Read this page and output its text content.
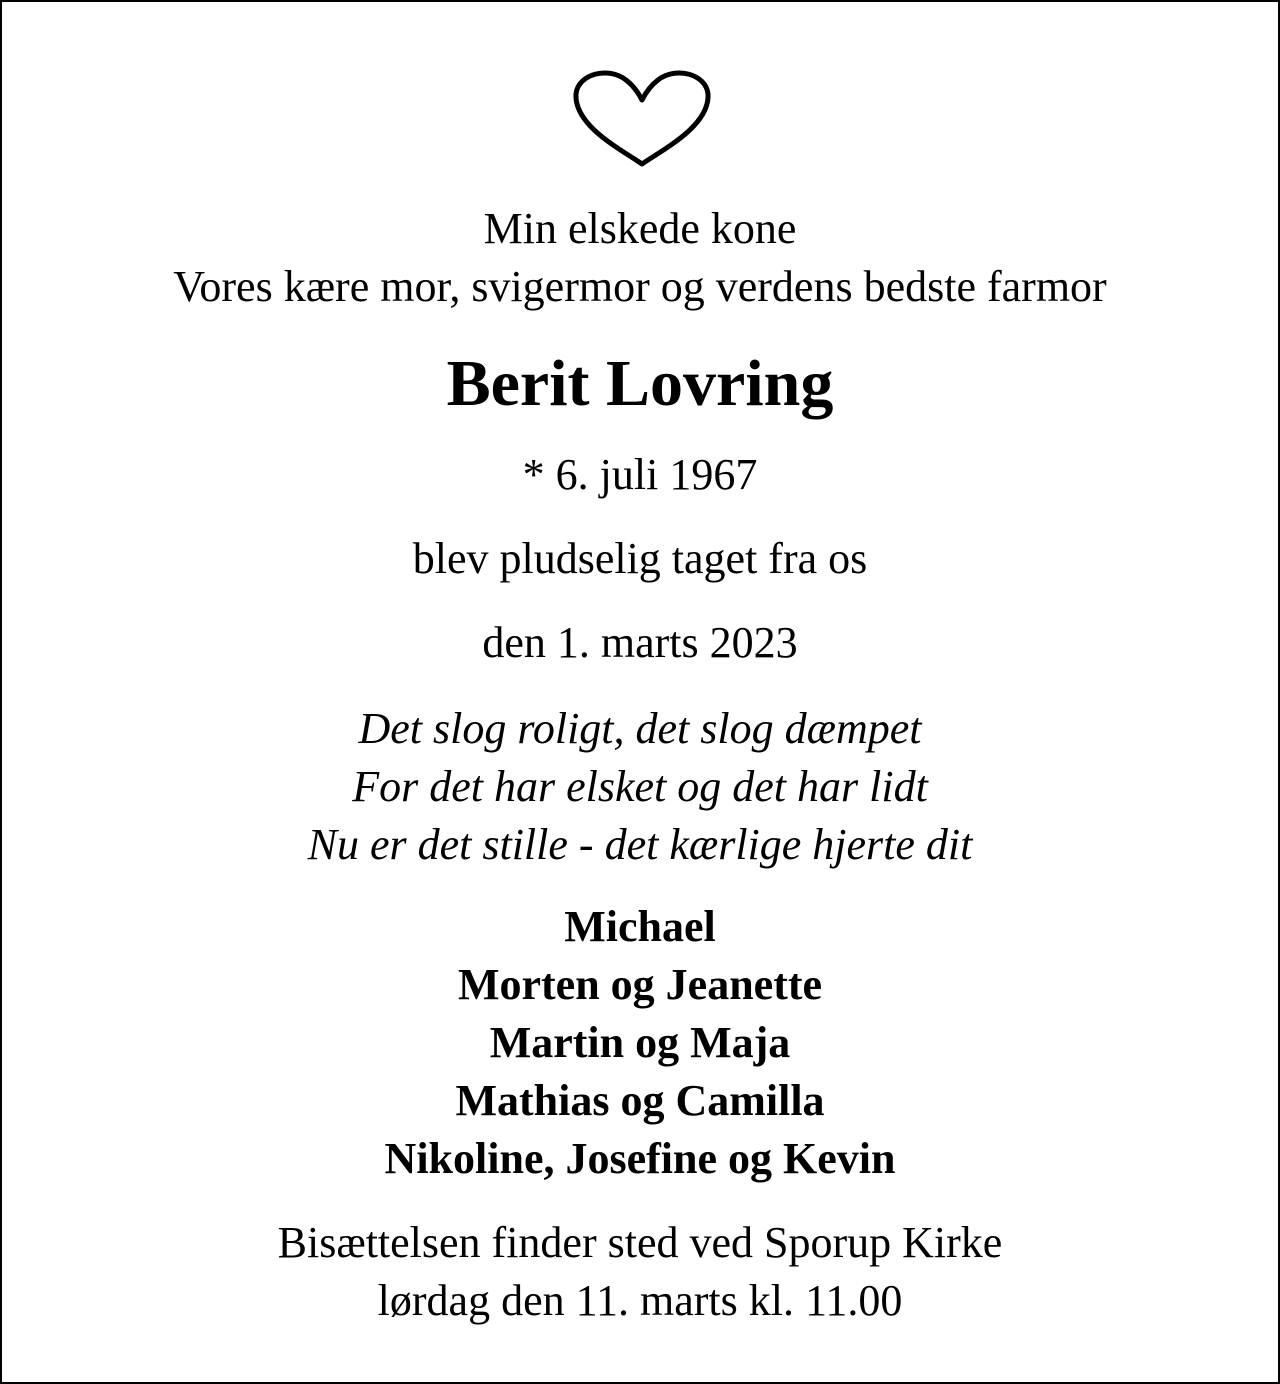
Min elskede kone
Vores kære mor, svigermor og verdens bedste farmor
Berit Lovring
* 6. juli 1967
blev pludselig taget fra os
den 1. marts 2023
Det slog roligt, det slog dæmpet
For det har elsket og det har lidt
Nu er det stille - det kærlige hjerte dit
Michael
Morten og Jeanette
Martin og Maja
Mathias og Camilla
Nikoline, Josefine og Kevin
Bisættelsen finder sted ved Sporup Kirke
lørdag den 11. marts kl. 11.00
